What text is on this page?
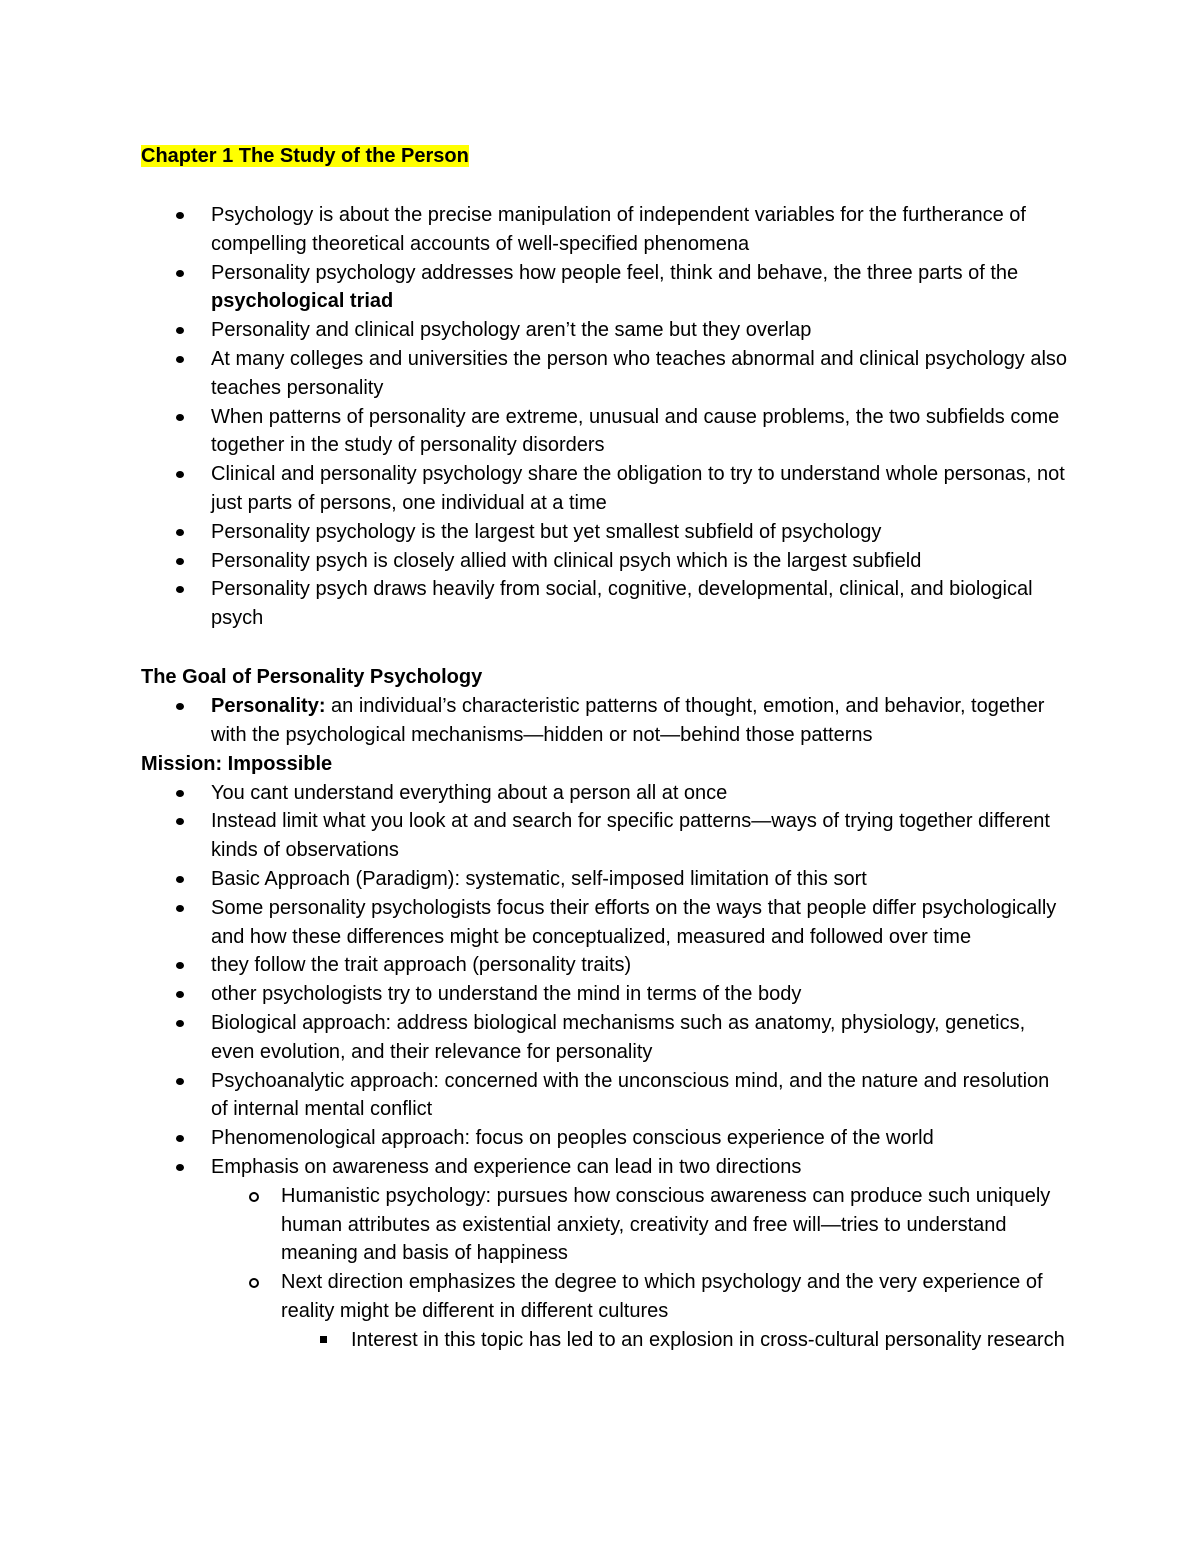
Chapter 1 The Study of the Person

Psychology is about the precise manipulation of independent variables for the furtherance of compelling theoretical accounts of well-specified phenomena
Personality psychology addresses how people feel, think and behave, the three parts of the psychological triad
Personality and clinical psychology aren’t the same but they overlap
At many colleges and universities the person who teaches abnormal and clinical psychology also teaches personality
When patterns of personality are extreme, unusual and cause problems, the two subfields come together in the study of personality disorders
Clinical and personality psychology share the obligation to try to understand whole personas, not just parts of persons, one individual at a time
Personality psychology is the largest but yet smallest subfield of psychology
Personality psych is closely allied with clinical psych which is the largest subfield
Personality psych draws heavily from social, cognitive, developmental, clinical, and biological psych

The Goal of Personality Psychology

Personality: an individual’s characteristic patterns of thought, emotion, and behavior, together with the psychological mechanisms—hidden or not—behind those patterns

Mission: Impossible

You cant understand everything about a person all at once
Instead limit what you look at and search for specific patterns—ways of trying together different kinds of observations
Basic Approach (Paradigm): systematic, self-imposed limitation of this sort
Some personality psychologists focus their efforts on the ways that people differ psychologically and how these differences might be conceptualized, measured and followed over time
they follow the trait approach (personality traits)
other psychologists try to understand the mind in terms of the body
Biological approach: address biological mechanisms such as anatomy, physiology, genetics, even evolution, and their relevance for personality
Psychoanalytic approach: concerned with the unconscious mind, and the nature and resolution of internal mental conflict
Phenomenological approach: focus on peoples conscious experience of the world
Emphasis on awareness and experience can lead in two directions
Humanistic psychology: pursues how conscious awareness can produce such uniquely human attributes as existential anxiety, creativity and free will—tries to understand meaning and basis of happiness
Next direction emphasizes the degree to which psychology and the very experience of reality might be different in different cultures
Interest in this topic has led to an explosion in cross-cultural personality research
